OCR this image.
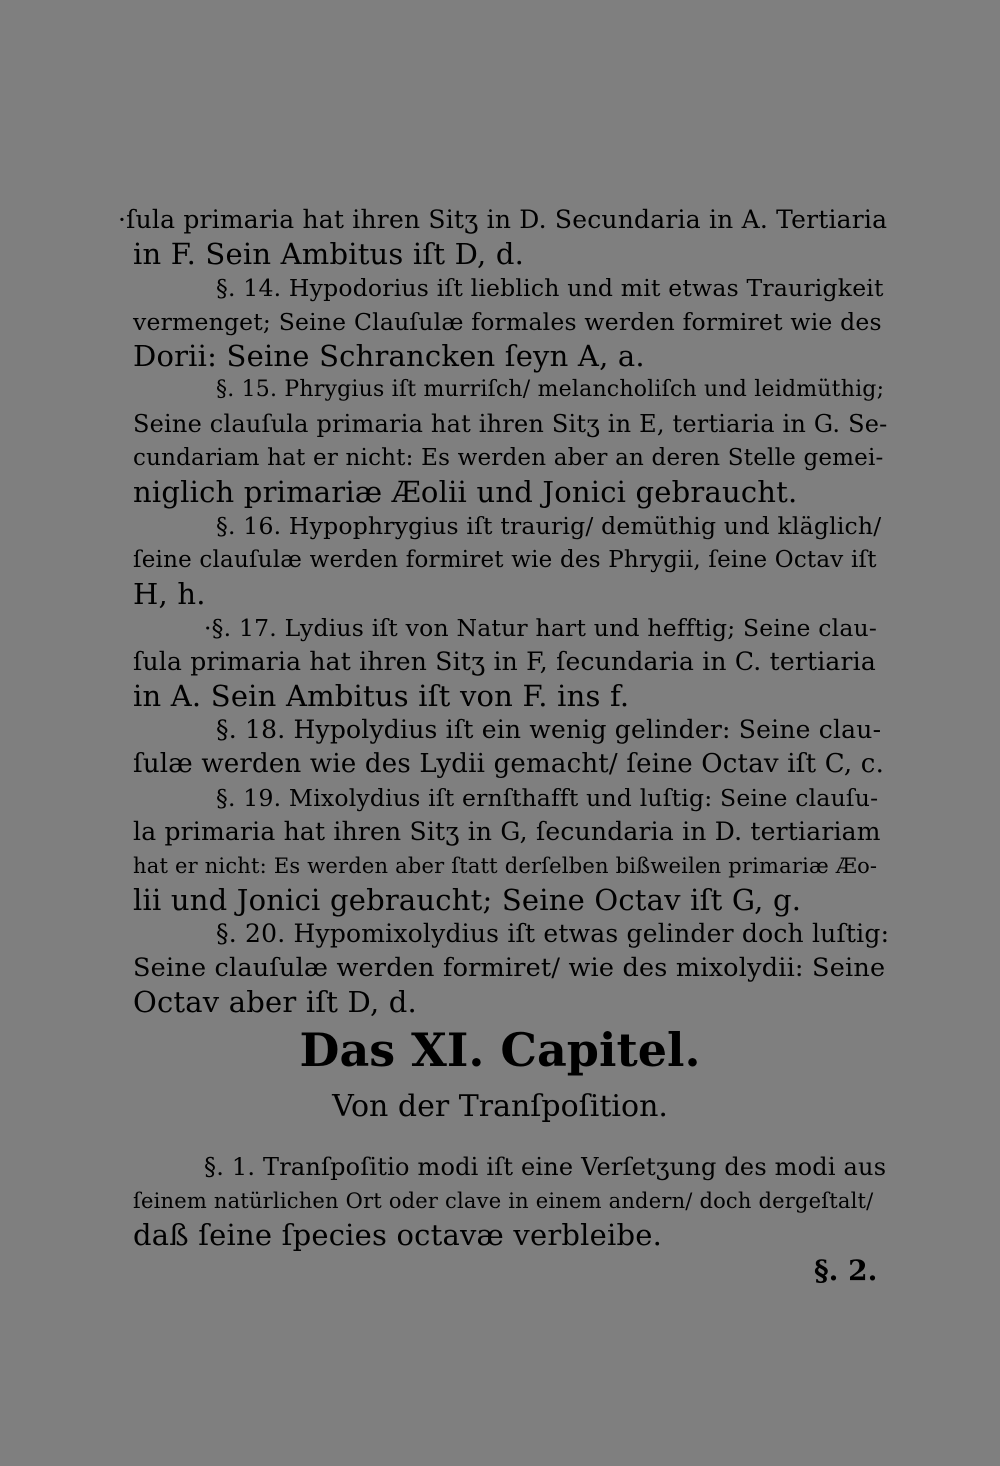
·ſula primaria hat ihren Sitʒ in D. Secundaria in A. Tertiaria
in F. Sein Ambitus iſt D, d.
§. 14. Hypodorius iſt lieblich und mit etwas Traurigkeit
vermenget; Seine Clauſulæ formales werden formiret wie des
Dorii: Seine Schrancken ſeyn A, a.
§. 15. Phrygius iſt murriſch/ melancholiſch und leidmüthig;
Seine clauſula primaria hat ihren Sitʒ in E, tertiaria in G. Se-
cundariam hat er nicht: Es werden aber an deren Stelle gemei-
niglich primariæ Æolii und Jonici gebraucht.
§. 16. Hypophrygius iſt traurig/ demüthig und kläglich/
ſeine clauſulæ werden formiret wie des Phrygii, ſeine Octav iſt
H, h.
·§. 17. Lydius iſt von Natur hart und hefftig; Seine clau-
ſula primaria hat ihren Sitʒ in F, ſecundaria in C. tertiaria
in A. Sein Ambitus iſt von F. ins f.
§. 18. Hypolydius iſt ein wenig gelinder: Seine clau-
ſulæ werden wie des Lydii gemacht/ ſeine Octav iſt C, c.
§. 19. Mixolydius iſt ernſthafft und luſtig: Seine clauſu-
la primaria hat ihren Sitʒ in G, ſecundaria in D. tertiariam
hat er nicht: Es werden aber ſtatt derſelben bißweilen primariæ Æo-
lii und Jonici gebraucht; Seine Octav iſt G, g.
§. 20. Hypomixolydius iſt etwas gelinder doch luſtig:
Seine clauſulæ werden formiret/ wie des mixolydii: Seine
Octav aber iſt D, d.
Das XI. Capitel.
Von der Tranſpoſition.
§. 1. Tranſpoſitio modi iſt eine Verſetʒung des modi aus
ſeinem natürlichen Ort oder clave in einem andern/ doch dergeſtalt/
daß ſeine ſpecies octavæ verbleibe.
§. 2.
